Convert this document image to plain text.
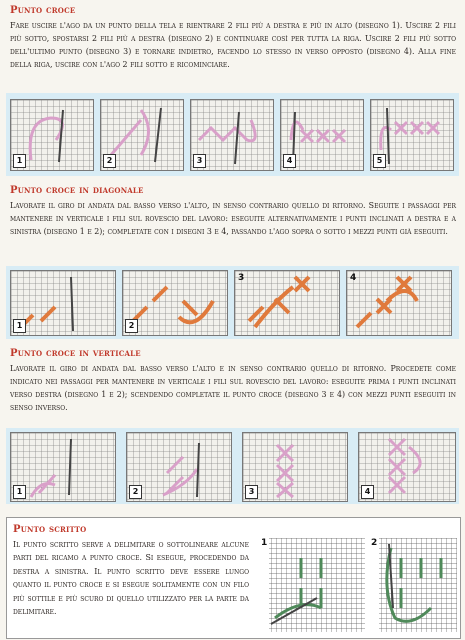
Punto croce
Fare uscire l'ago da un punto della tela e rientrare 2 fili più a destra e più in alto (disegno 1). Uscire 2 fili più sotto, spostarsi 2 fili più a destra (disegno 2) e continuare così per tutta la riga. Uscire 2 fili più sotto dell'ultimo punto (disegno 3) e tornare indietro, facendo lo stesso in verso opposto (disegno 4). Alla fine della riga, uscire con l'ago 2 fili sotto e ricominciare.
1	2	3	4	5
Punto croce in diagonale
Lavorate il giro di andata dal basso verso l'alto, in senso contrario quello di ritorno. Seguite i passaggi per mantenere in verticale i fili sul rovescio del lavoro: eseguite alternativamente i punti inclinati a destra e a sinistra (disegno 1 e 2); completate con i disegni 3 e 4, passando l'ago sopra o sotto i mezzi punti già eseguiti.
1	2
3	4
Punto croce in verticale
Lavorate il giro di andata dal basso verso l'alto e in senso contrario quello di ritorno. Procedete come indicato nei passaggi per mantenere in verticale i fili sul rovescio del lavoro: eseguite prima i punti inclinati verso destra (disegno 1 e 2); scendendo completate il punto croce (disegno 3 e 4) con mezzi punti eseguiti in senso inverso.
1	2	3	4
Punto scritto
Il punto scritto serve a delimitare o sottolineare alcune parti del ricamo a punto croce. Si esegue, procedendo da destra a sinistra. Il punto scritto deve essere lungo quanto il punto croce e si esegue solitamente con un filo più sottile e più scuro di quello utilizzato per la parte da delimitare.
1	2
